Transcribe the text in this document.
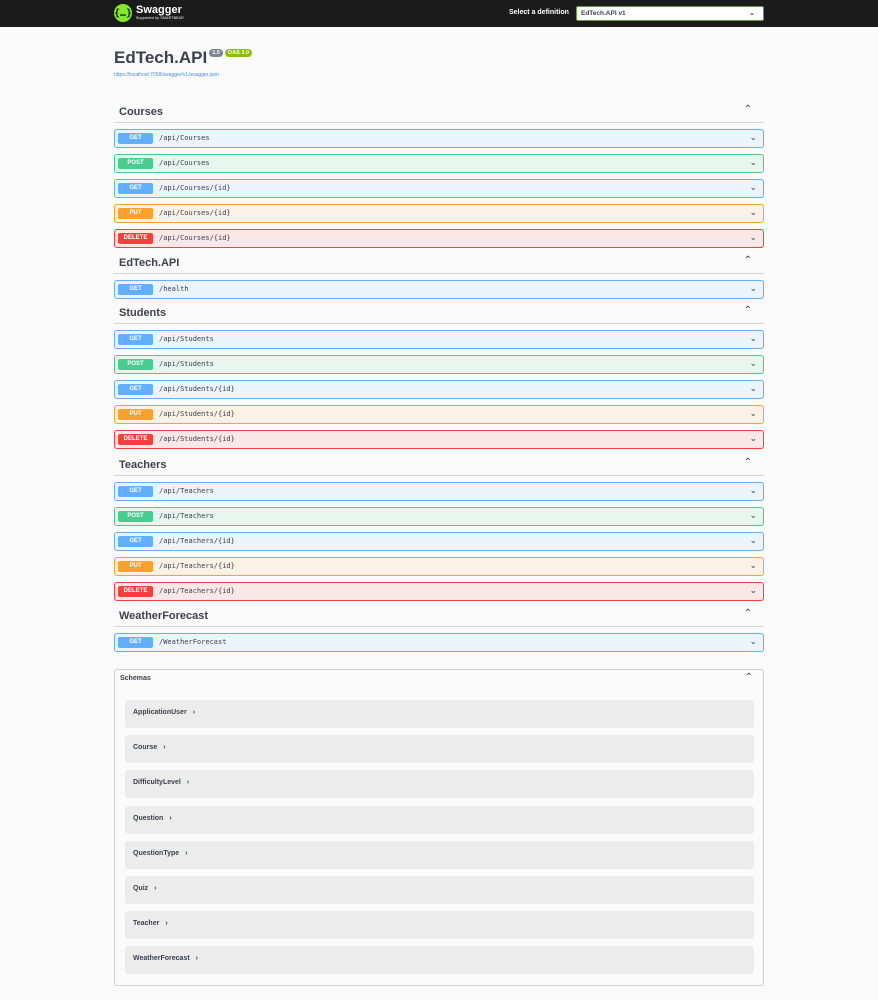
{…} Swagger
Supported by SMARTBEAR
Select a definition	EdTech.API v1	⌄
EdTech.API 1.0	OAS 3.0
https://localhost:7058/swagger/v1/swagger.json
Courses	⌃
GET	/api/Courses	⌄
POST	/api/Courses	⌄
GET	/api/Courses/{id}	⌄
PUT	/api/Courses/{id}	⌄
DELETE	/api/Courses/{id}	⌄
EdTech.API	⌃
GET	/health	⌄
Students	⌃
GET	/api/Students	⌄
POST	/api/Students	⌄
GET	/api/Students/{id}	⌄
PUT	/api/Students/{id}	⌄
DELETE	/api/Students/{id}	⌄
Teachers	⌃
GET	/api/Teachers	⌄
POST	/api/Teachers	⌄
GET	/api/Teachers/{id}	⌄
PUT	/api/Teachers/{id}	⌄
DELETE	/api/Teachers/{id}	⌄
WeatherForecast	⌃
GET	/WeatherForecast	⌄
Schemas	⌃
ApplicationUser ›
Course ›
DifficultyLevel ›
Question ›
QuestionType ›
Quiz ›
Teacher ›
WeatherForecast ›
